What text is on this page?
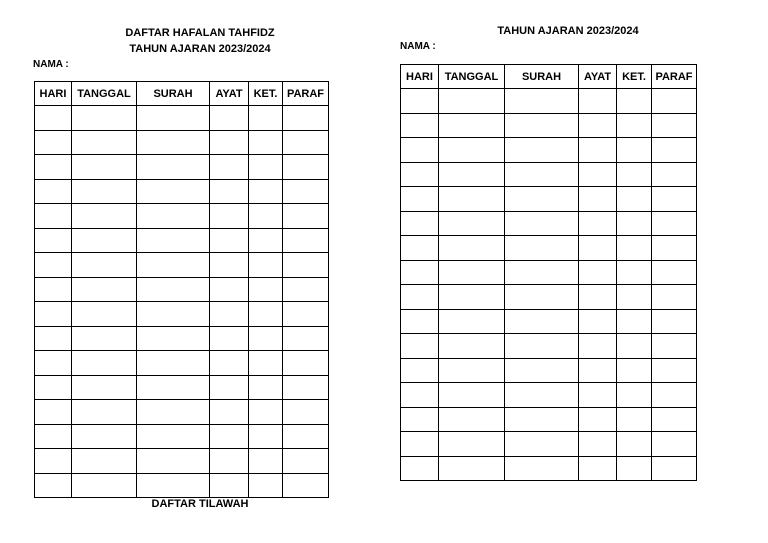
DAFTAR HAFALAN TAHFIDZ
TAHUN AJARAN 2023/2024
NAMA :
HARI	TANGGAL	SURAH	AYAT	KET.	PARAF

DAFTAR TILAWAH
TAHUN AJARAN 2023/2024
NAMA :
HARI	TANGGAL	SURAH	AYAT	KET.	PARAF
